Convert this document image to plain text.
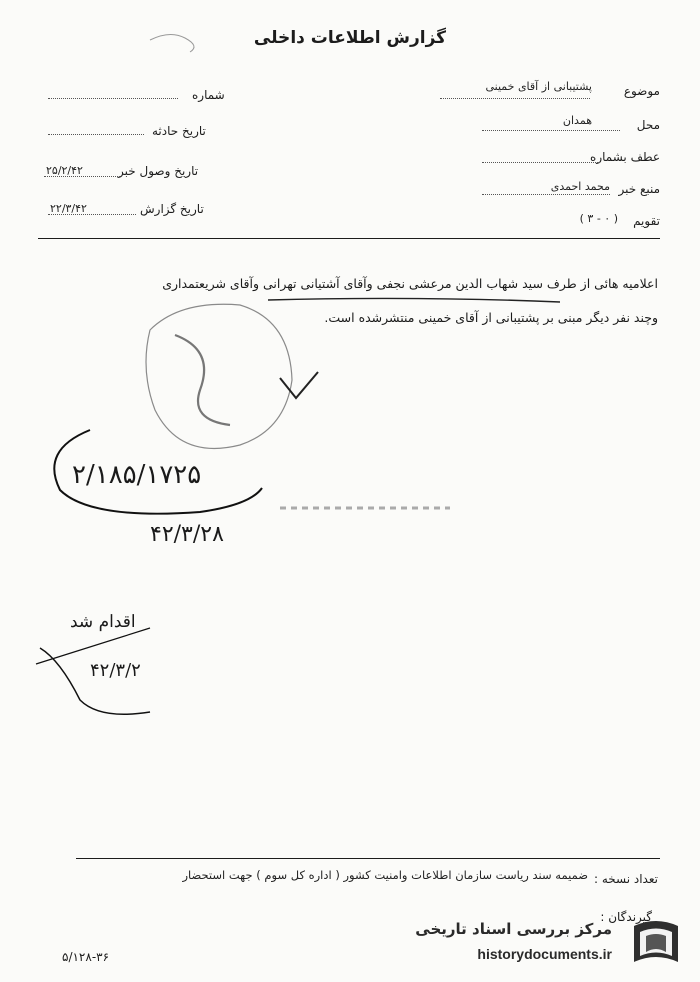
گزارش اطلاعات داخلی
موضوع
پشتیبانی از آقای خمینی
محل
همدان
عطف بشماره
منبع خبر
محمد احمدی
تقویم
( ۳ - ۰ )
شماره
تاریخ حادثه
تاریخ وصول خبر
۲۵/۲/۴۲
تاریخ گزارش
۲۲/۳/۴۲
اعلامیه هائی از طرف سید شهاب الدین مرعشی نجفی وآقای آشتیانی تهرانی وآقای شریعتمداری
وچند نفر دیگر مبنی بر پشتیبانی از آقای خمینی منتشرشده است.
۲/۱۸۵/۱۷۲۵
۴۲/۳/۲۸
اقدام شد
۴۲/۳/۲
تعداد نسخه :
ضمیمه سند ریاست سازمان اطلاعات وامنیت کشور ( اداره کل سوم ) جهت استحضار
گیرندگان :
۵/۱۲۸-۳۶
مرکز بررسی اسناد تاریخی
historydocuments.ir
